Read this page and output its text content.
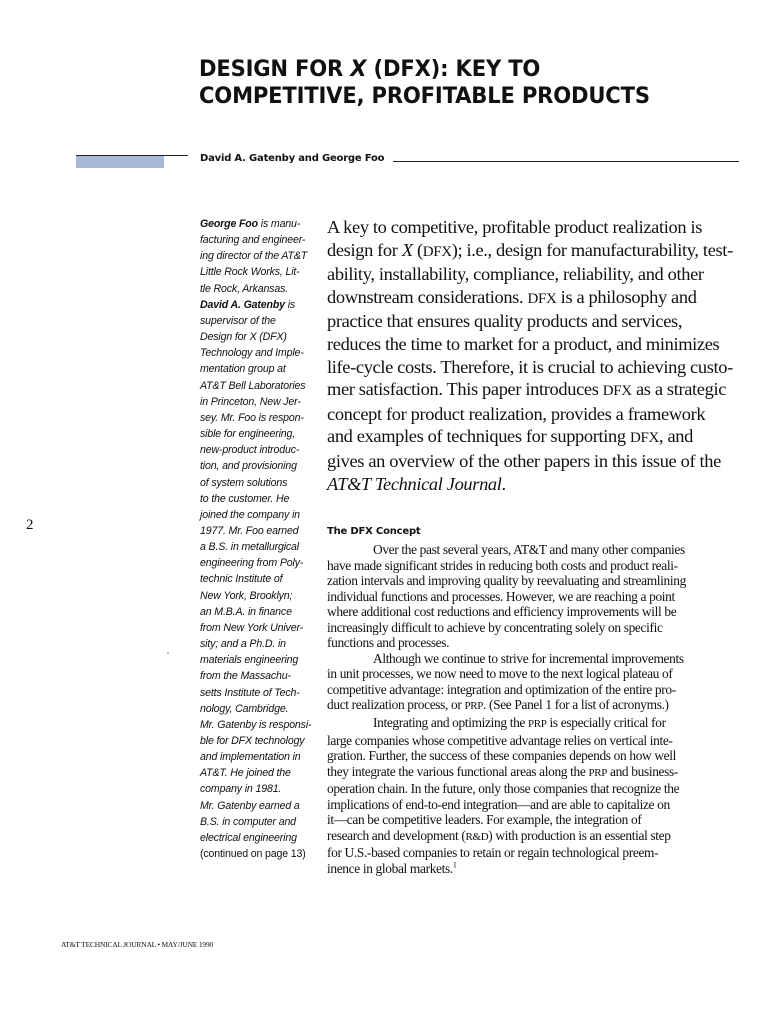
DESIGN FOR X (DFX): KEY TO
COMPETITIVE, PROFITABLE PRODUCTS
David A. Gatenby and George Foo
George Foo is manu-
facturing and engineer-
ing director of the AT&T
Little Rock Works, Lit-
tle Rock, Arkansas.
David A. Gatenby is
supervisor of the
Design for X (DFX)
Technology and Imple-
mentation group at
AT&T Bell Laboratories
in Princeton, New Jer-
sey. Mr. Foo is respon-
sible for engineering,
new-product introduc-
tion, and provisioning
of system solutions
to the customer. He
joined the company in
1977. Mr. Foo earned
a B.S. in metallurgical
engineering from Poly-
technic Institute of
New York, Brooklyn;
an M.B.A. in finance
from New York Univer-
sity; and a Ph.D. in
materials engineering
from the Massachu-
setts Institute of Tech-
nology, Cambridge.
Mr. Gatenby is responsi-
ble for DFX technology
and implementation in
AT&T. He joined the
company in 1981.
Mr. Gatenby earned a
B.S. in computer and
electrical engineering
(continued on page 13)
A key to competitive, profitable product realization is
design for X (DFX); i.e., design for manufacturability, test-
ability, installability, compliance, reliability, and other
downstream considerations. DFX is a philosophy and
practice that ensures quality products and services,
reduces the time to market for a product, and minimizes
life-cycle costs. Therefore, it is crucial to achieving custo-
mer satisfaction. This paper introduces DFX as a strategic
concept for product realization, provides a framework
and examples of techniques for supporting DFX, and
gives an overview of the other papers in this issue of the
AT&T Technical Journal.
The DFX Concept
Over the past several years, AT&T and many other companies
have made significant strides in reducing both costs and product reali-
zation intervals and improving quality by reevaluating and streamlining
individual functions and processes. However, we are reaching a point
where additional cost reductions and efficiency improvements will be
increasingly difficult to achieve by concentrating solely on specific
functions and processes.
Although we continue to strive for incremental improvements
in unit processes, we now need to move to the next logical plateau of
competitive advantage: integration and optimization of the entire pro-
duct realization process, or PRP. (See Panel 1 for a list of acronyms.)
Integrating and optimizing the PRP is especially critical for
large companies whose competitive advantage relies on vertical inte-
gration. Further, the success of these companies depends on how well
they integrate the various functional areas along the PRP and business-
operation chain. In the future, only those companies that recognize the
implications of end-to-end integration—and are able to capitalize on
it—can be competitive leaders. For example, the integration of
research and development (R&D) with production is an essential step
for U.S.-based companies to retain or regain technological preem-
inence in global markets.$^1$
2
AT&T TECHNICAL JOURNAL • MAY/JUNE 1990
